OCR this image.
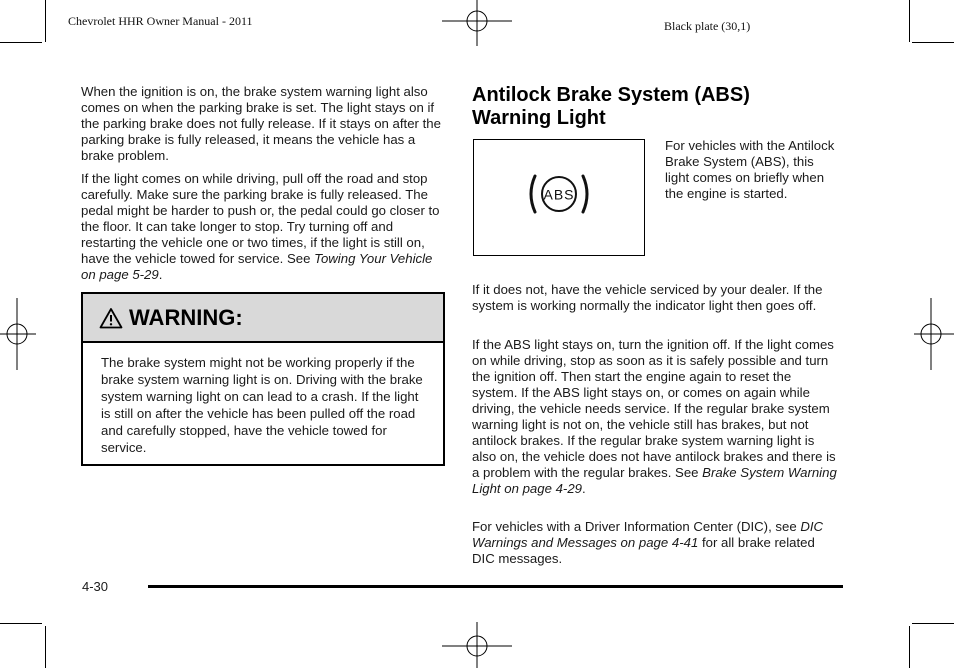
Chevrolet HHR Owner Manual - 2011	Black plate (30,1)

When the ignition is on, the brake system warning light also comes on when the parking brake is set. The light stays on if the parking brake does not fully release. If it stays on after the parking brake is fully released, it means the vehicle has a brake problem.

If the light comes on while driving, pull off the road and stop carefully. Make sure the parking brake is fully released. The pedal might be harder to push or, the pedal could go closer to the floor. It can take longer to stop. Try turning off and restarting the vehicle one or two times, if the light is still on, have the vehicle towed for service. See Towing Your Vehicle on page 5-29.

WARNING:

The brake system might not be working properly if the brake system warning light is on. Driving with the brake system warning light on can lead to a crash. If the light is still on after the vehicle has been pulled off the road and carefully stopped, have the vehicle towed for service.

Antilock Brake System (ABS)
Warning Light
ABS

For vehicles with the Antilock Brake System (ABS), this light comes on briefly when the engine is started.

If it does not, have the vehicle serviced by your dealer. If the system is working normally the indicator light then goes off.

If the ABS light stays on, turn the ignition off. If the light comes on while driving, stop as soon as it is safely possible and turn the ignition off. Then start the engine again to reset the system. If the ABS light stays on, or comes on again while driving, the vehicle needs service. If the regular brake system warning light is not on, the vehicle still has brakes, but not antilock brakes. If the regular brake system warning light is also on, the vehicle does not have antilock brakes and there is a problem with the regular brakes. See Brake System Warning Light on page 4-29.

For vehicles with a Driver Information Center (DIC), see DIC Warnings and Messages on page 4-41 for all brake related DIC messages.

4-30
